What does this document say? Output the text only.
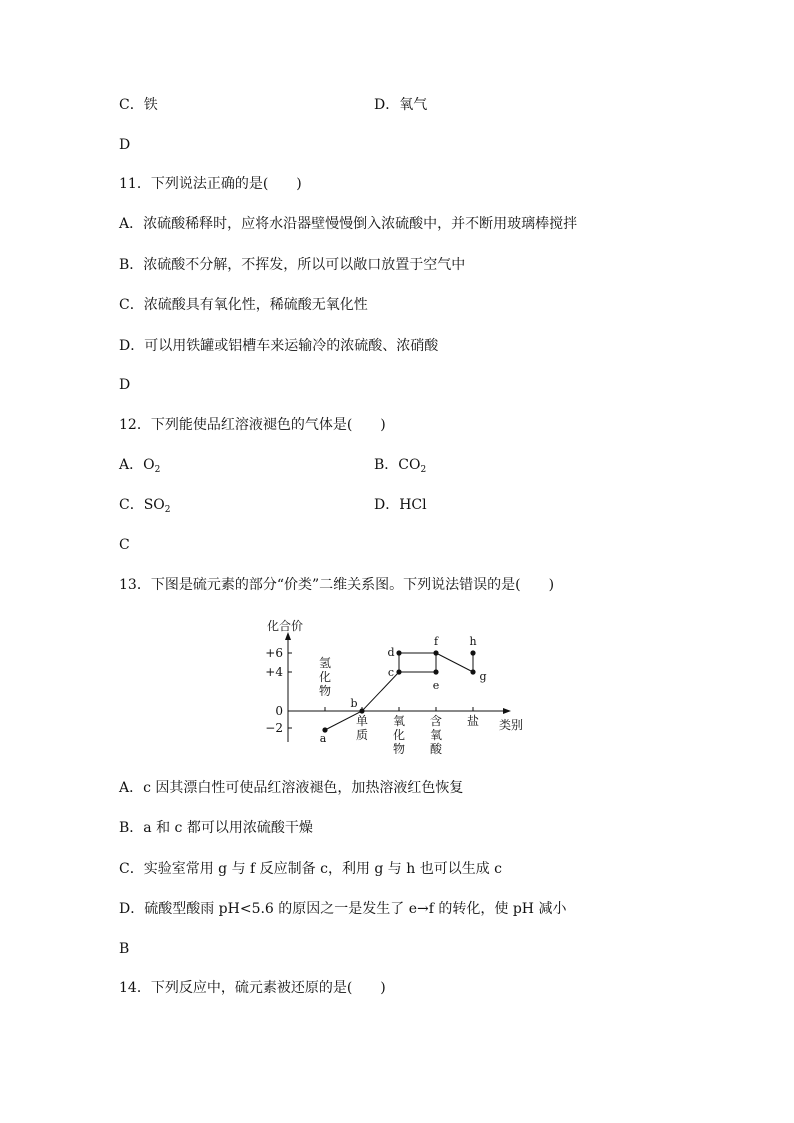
C．铁	D．氧气
D
11．下列说法正确的是(　　)
A．浓硫酸稀释时，应将水沿器壁慢慢倒入浓硫酸中，并不断用玻璃棒搅拌
B．浓硫酸不分解，不挥发，所以可以敞口放置于空气中
C．浓硫酸具有氧化性，稀硫酸无氧化性
D．可以用铁罐或铝槽车来运输冷的浓硫酸、浓硝酸
D
12．下列能使品红溶液褪色的气体是(　　)
A．$O_2$	B．$CO_2$
C．$SO_2$	D．HCl
C
13．下图是硫元素的部分“价类”二维关系图。下列说法错误的是(　　)
化合价
+6
+4
0
−2	类别
氢
化
物
单
质
氧
化
物
含
氧
酸
盐
a
b
c
d
e
f
g
h
A．c 因其漂白性可使品红溶液褪色，加热溶液红色恢复
B．a 和 c 都可以用浓硫酸干燥
C．实验室常用 g 与 f 反应制备 c，利用 g 与 h 也可以生成 c
D．硫酸型酸雨 pH<5.6 的原因之一是发生了 e→f 的转化，使 pH 减小
B
14．下列反应中，硫元素被还原的是(　　)
